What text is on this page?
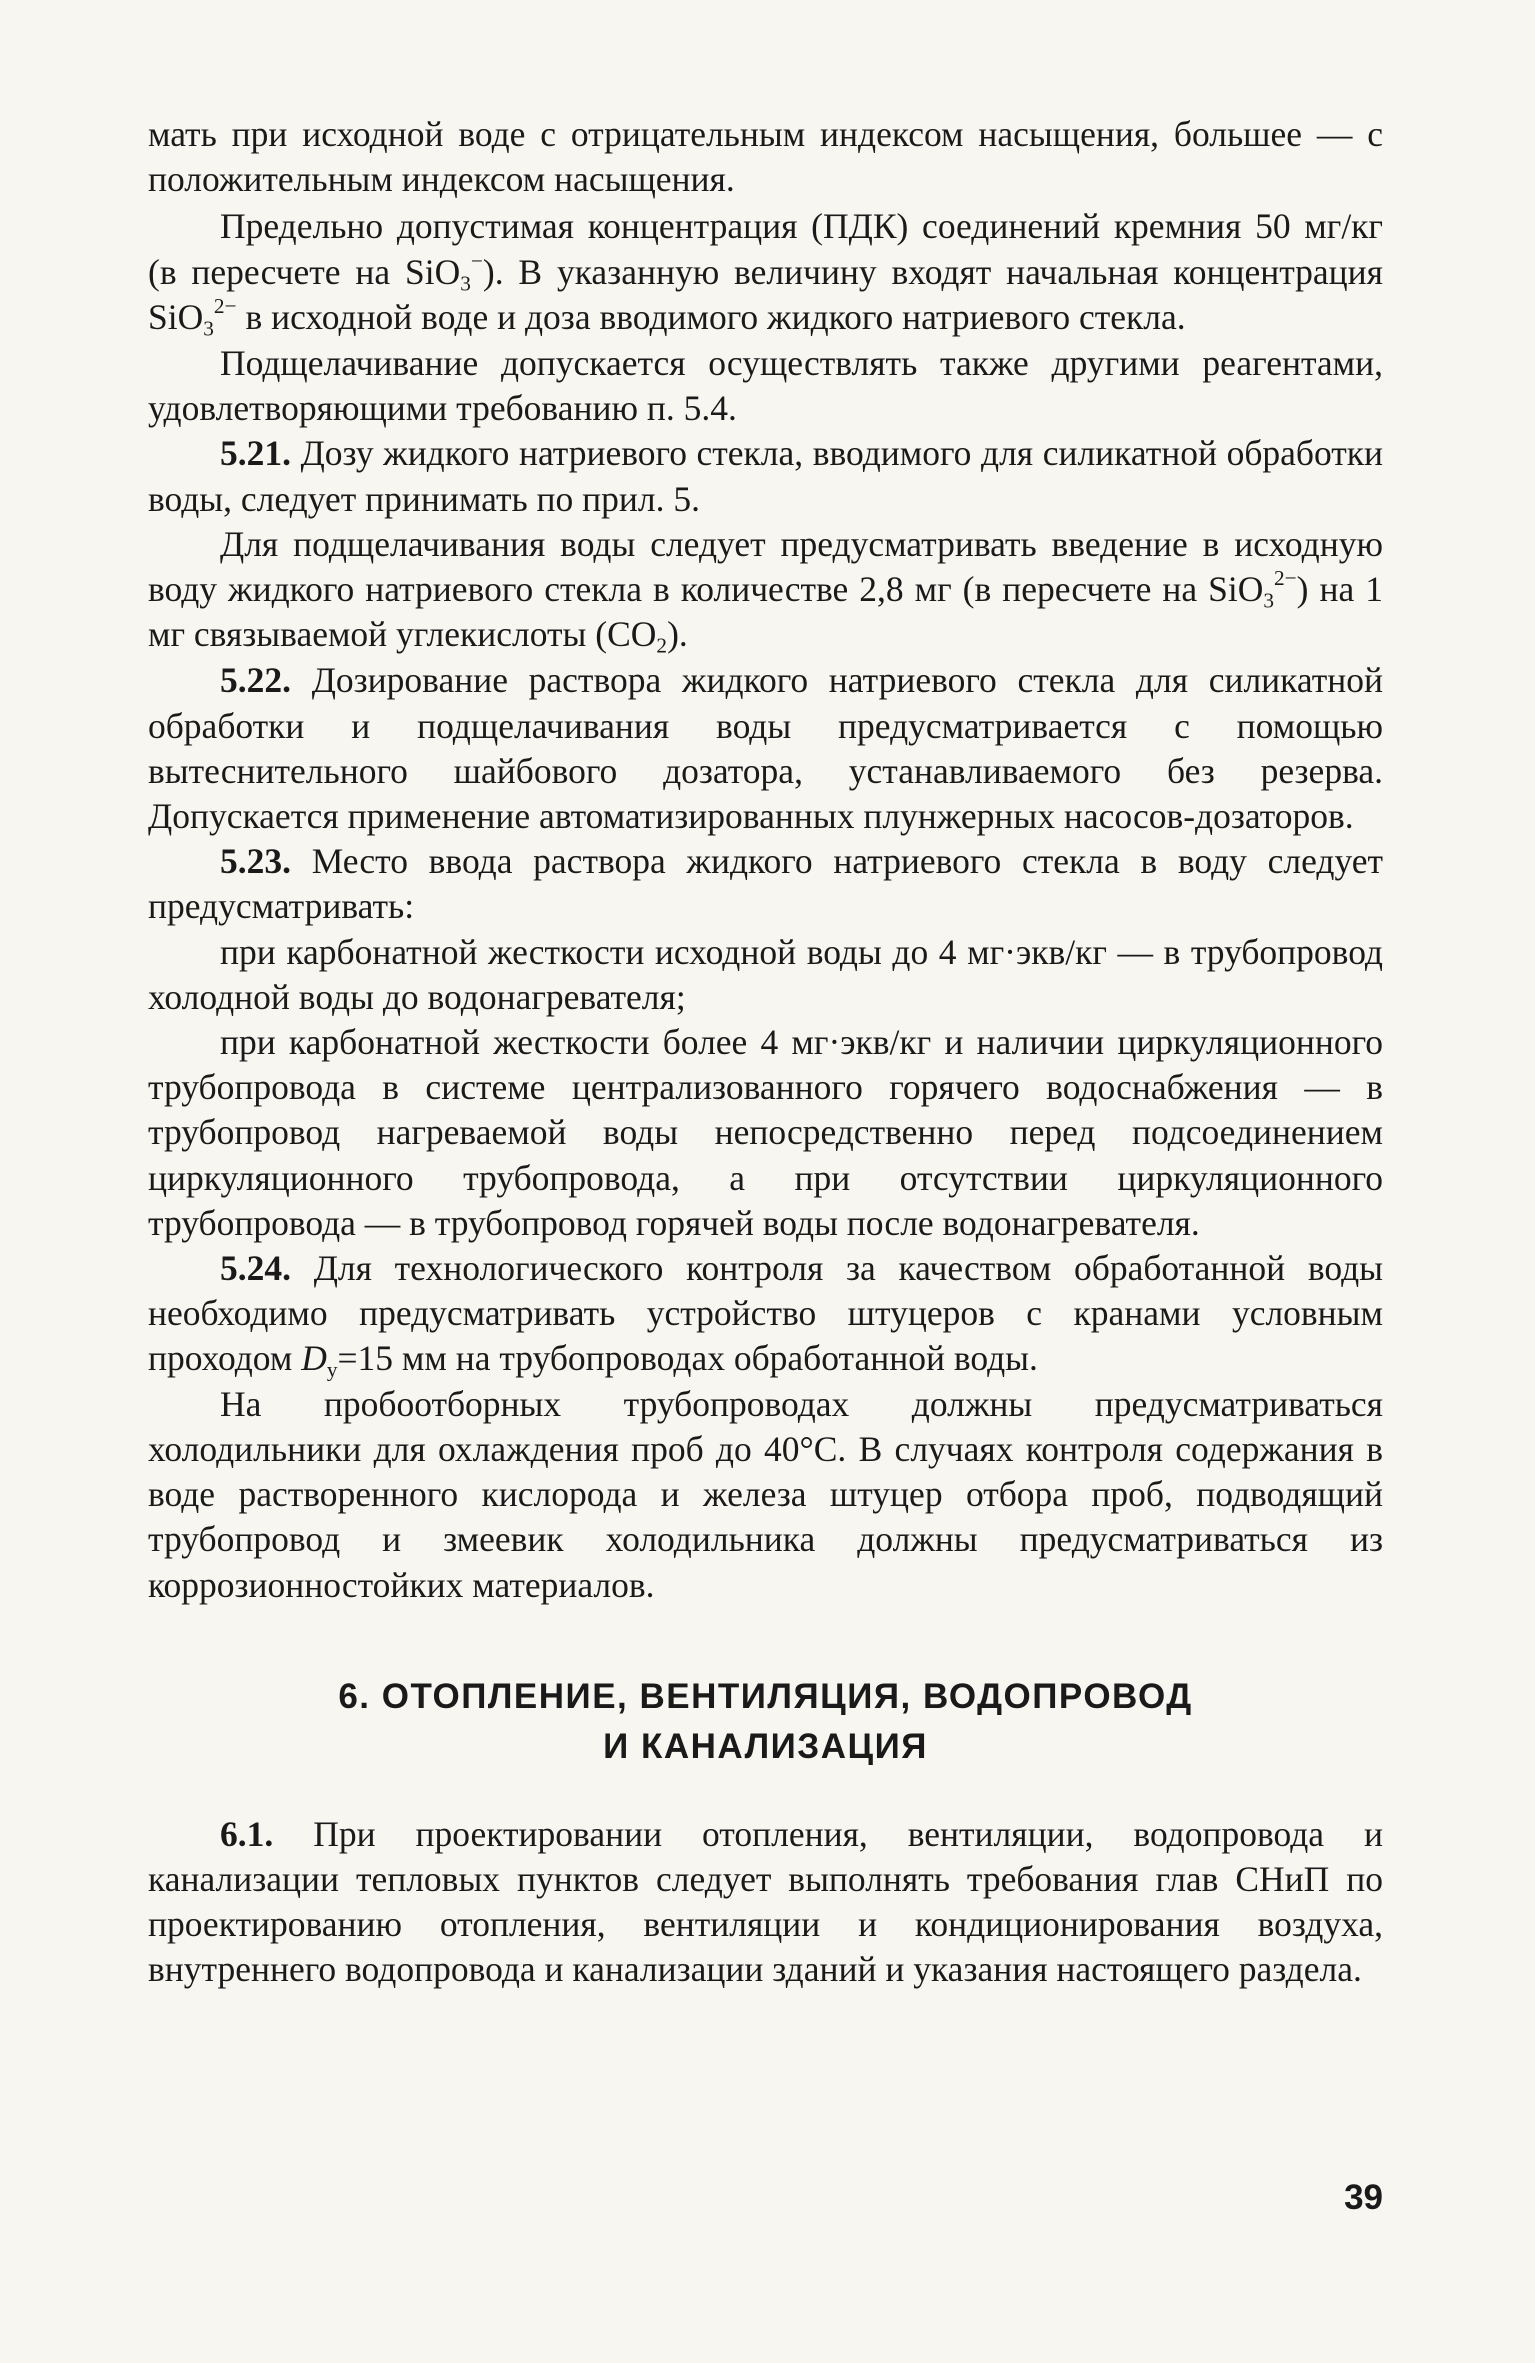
мать при исходной воде с отрицательным индексом насыщения, большее — с положительным индексом насыщения.

Предельно допустимая концентрация (ПДК) соединений кремния 50 мг/кг (в пересчете на SiO$_3$−). В указанную величину входят начальная концентрация SiO$_3^{2-}$ в исходной воде и доза вводимого жидкого натриевого стекла.

Подщелачивание допускается осуществлять также другими реагентами, удовлетворяющими требованию п. 5.4.

5.21. Дозу жидкого натриевого стекла, вводимого для силикатной обработки воды, следует принимать по прил. 5.

Для подщелачивания воды следует предусматривать введение в исходную воду жидкого натриевого стекла в количестве 2,8 мг (в пересчете на SiO$_3^{2-}$) на 1 мг связываемой углекислоты $(CO_2)$.

5.22. Дозирование раствора жидкого натриевого стекла для силикатной обработки и подщелачивания воды предусматривается с помощью вытеснительного шайбового дозатора, устанавливаемого без резерва. Допускается применение автоматизированных плунжерных насосов-дозаторов.

5.23. Место ввода раствора жидкого натриевого стекла в воду следует предусматривать:

при карбонатной жесткости исходной воды до 4 мг·экв/кг — в трубопровод холодной воды до водонагревателя;

при карбонатной жесткости более 4 мг·экв/кг и наличии циркуляционного трубопровода в системе централизованного горячего водоснабжения — в трубопровод нагреваемой воды непосредственно перед подсоединением циркуляционного трубопровода, а при отсутствии циркуляционного трубопровода — в трубопровод горячей воды после водонагревателя.

5.24. Для технологического контроля за качеством обработанной воды необходимо предусматривать устройство штуцеров с кранами условным проходом $D_у=15$ мм на трубопроводах обработанной воды.

На пробоотборных трубопроводах должны предусматриваться холодильники для охлаждения проб до 40°С. В случаях контроля содержания в воде растворенного кислорода и железа штуцер отбора проб, подводящий трубопровод и змеевик холодильника должны предусматриваться из коррозионностойких материалов.

6. ОТОПЛЕНИЕ, ВЕНТИЛЯЦИЯ, ВОДОПРОВОД

И КАНАЛИЗАЦИЯ

6.1. При проектировании отопления, вентиляции, водопровода и канализации тепловых пунктов следует выполнять требования глав СНиП по проектированию отопления, вентиляции и кондиционирования воздуха, внутреннего водопровода и канализации зданий и указания настоящего раздела.

39
